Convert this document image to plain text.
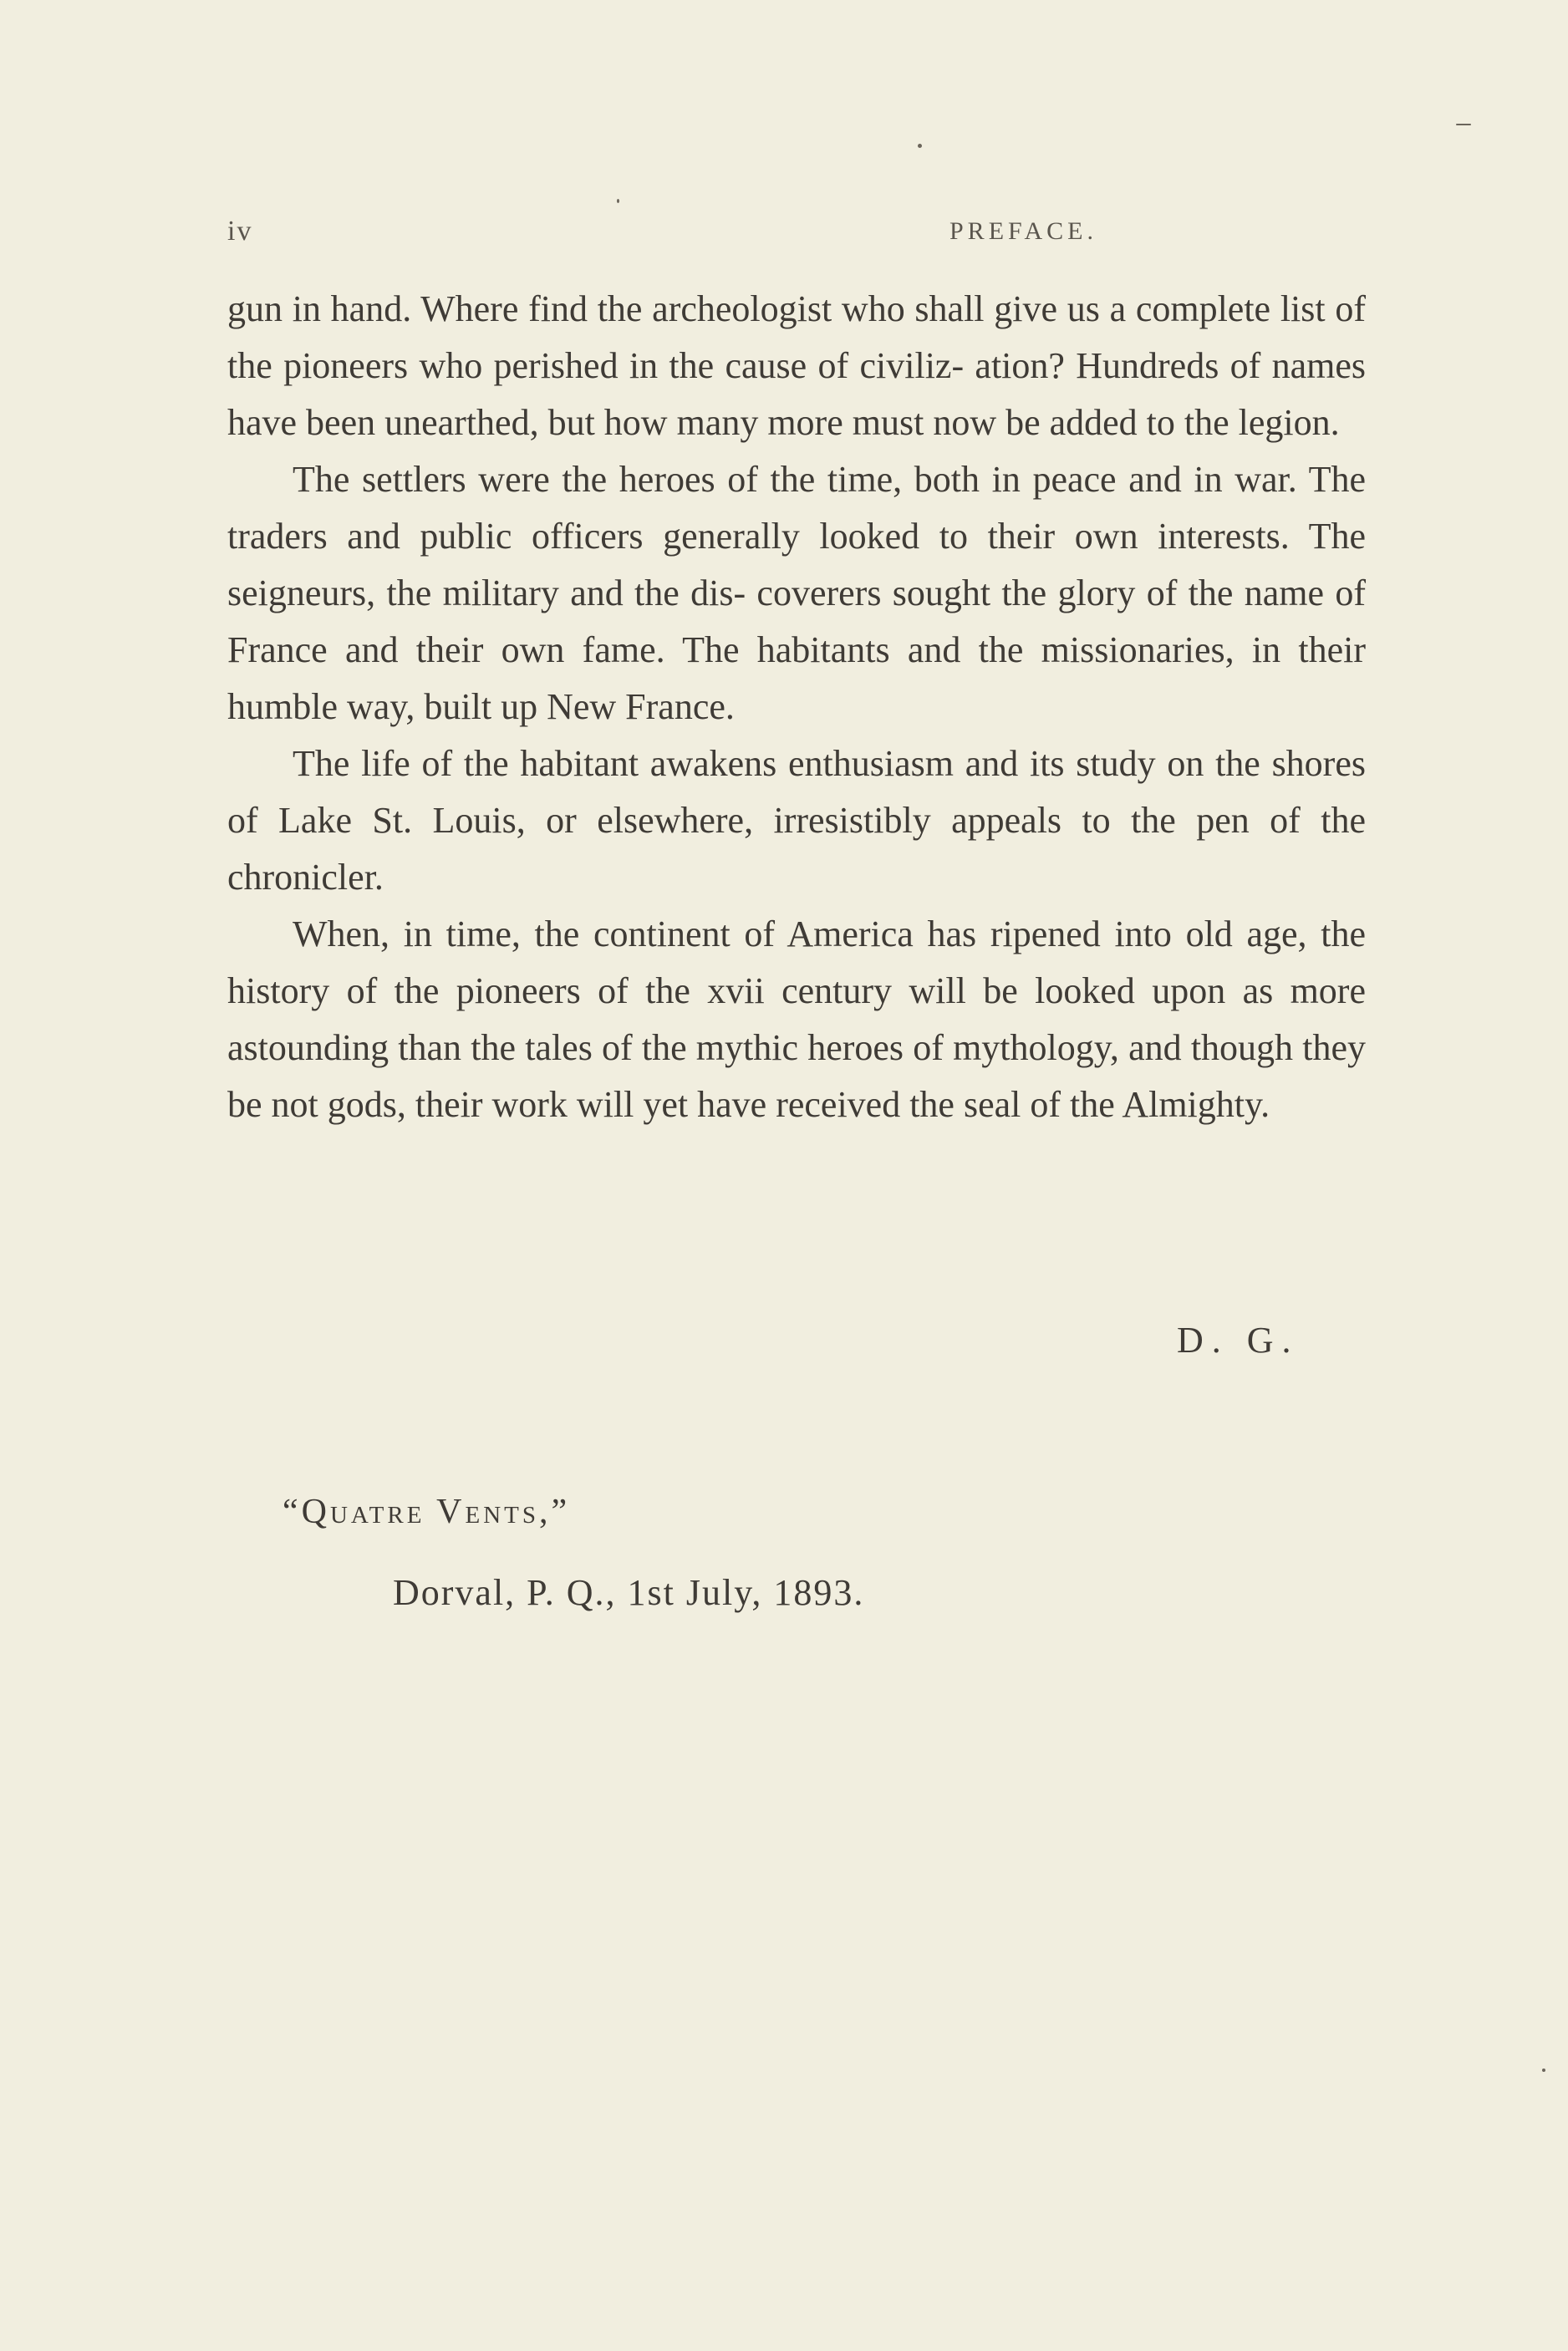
iv	PREFACE.

gun in hand. Where find the archeologist who shall give us a complete list of the pioneers who perished in the cause of civiliz- ation? Hundreds of names have been unearthed, but how many more must now be added to the legion.

The settlers were the heroes of the time, both in peace and in war. The traders and public officers generally looked to their own interests. The seigneurs, the military and the dis- coverers sought the glory of the name of France and their own fame. The habitants and the missionaries, in their humble way, built up New France.

The life of the habitant awakens enthusiasm and its study on the shores of Lake St. Louis, or elsewhere, irresistibly appeals to the pen of the chronicler.

When, in time, the continent of America has ripened into old age, the history of the pioneers of the xvii century will be looked upon as more astounding than the tales of the mythic heroes of mythology, and though they be not gods, their work will yet have received the seal of the Almighty.

D. G.
“Quatre Vents,”
Dorval, P. Q., 1st July, 1893.
